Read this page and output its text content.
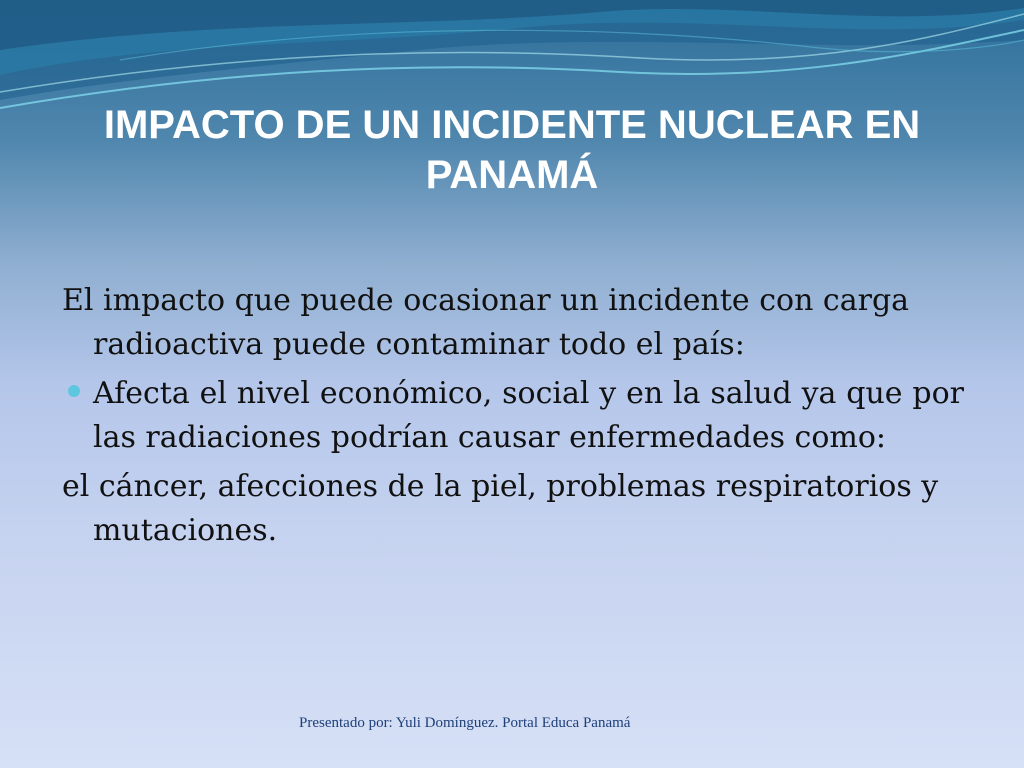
IMPACTO DE UN INCIDENTE NUCLEAR EN PANAMÁ

El impacto que puede ocasionar un incidente con carga radioactiva puede contaminar todo el país:

Afecta el nivel económico, social y en la salud ya que por las radiaciones podrían causar enfermedades como:

el cáncer, afecciones de la piel, problemas respiratorios y mutaciones.

Presentado por: Yuli Domínguez. Portal Educa Panamá
